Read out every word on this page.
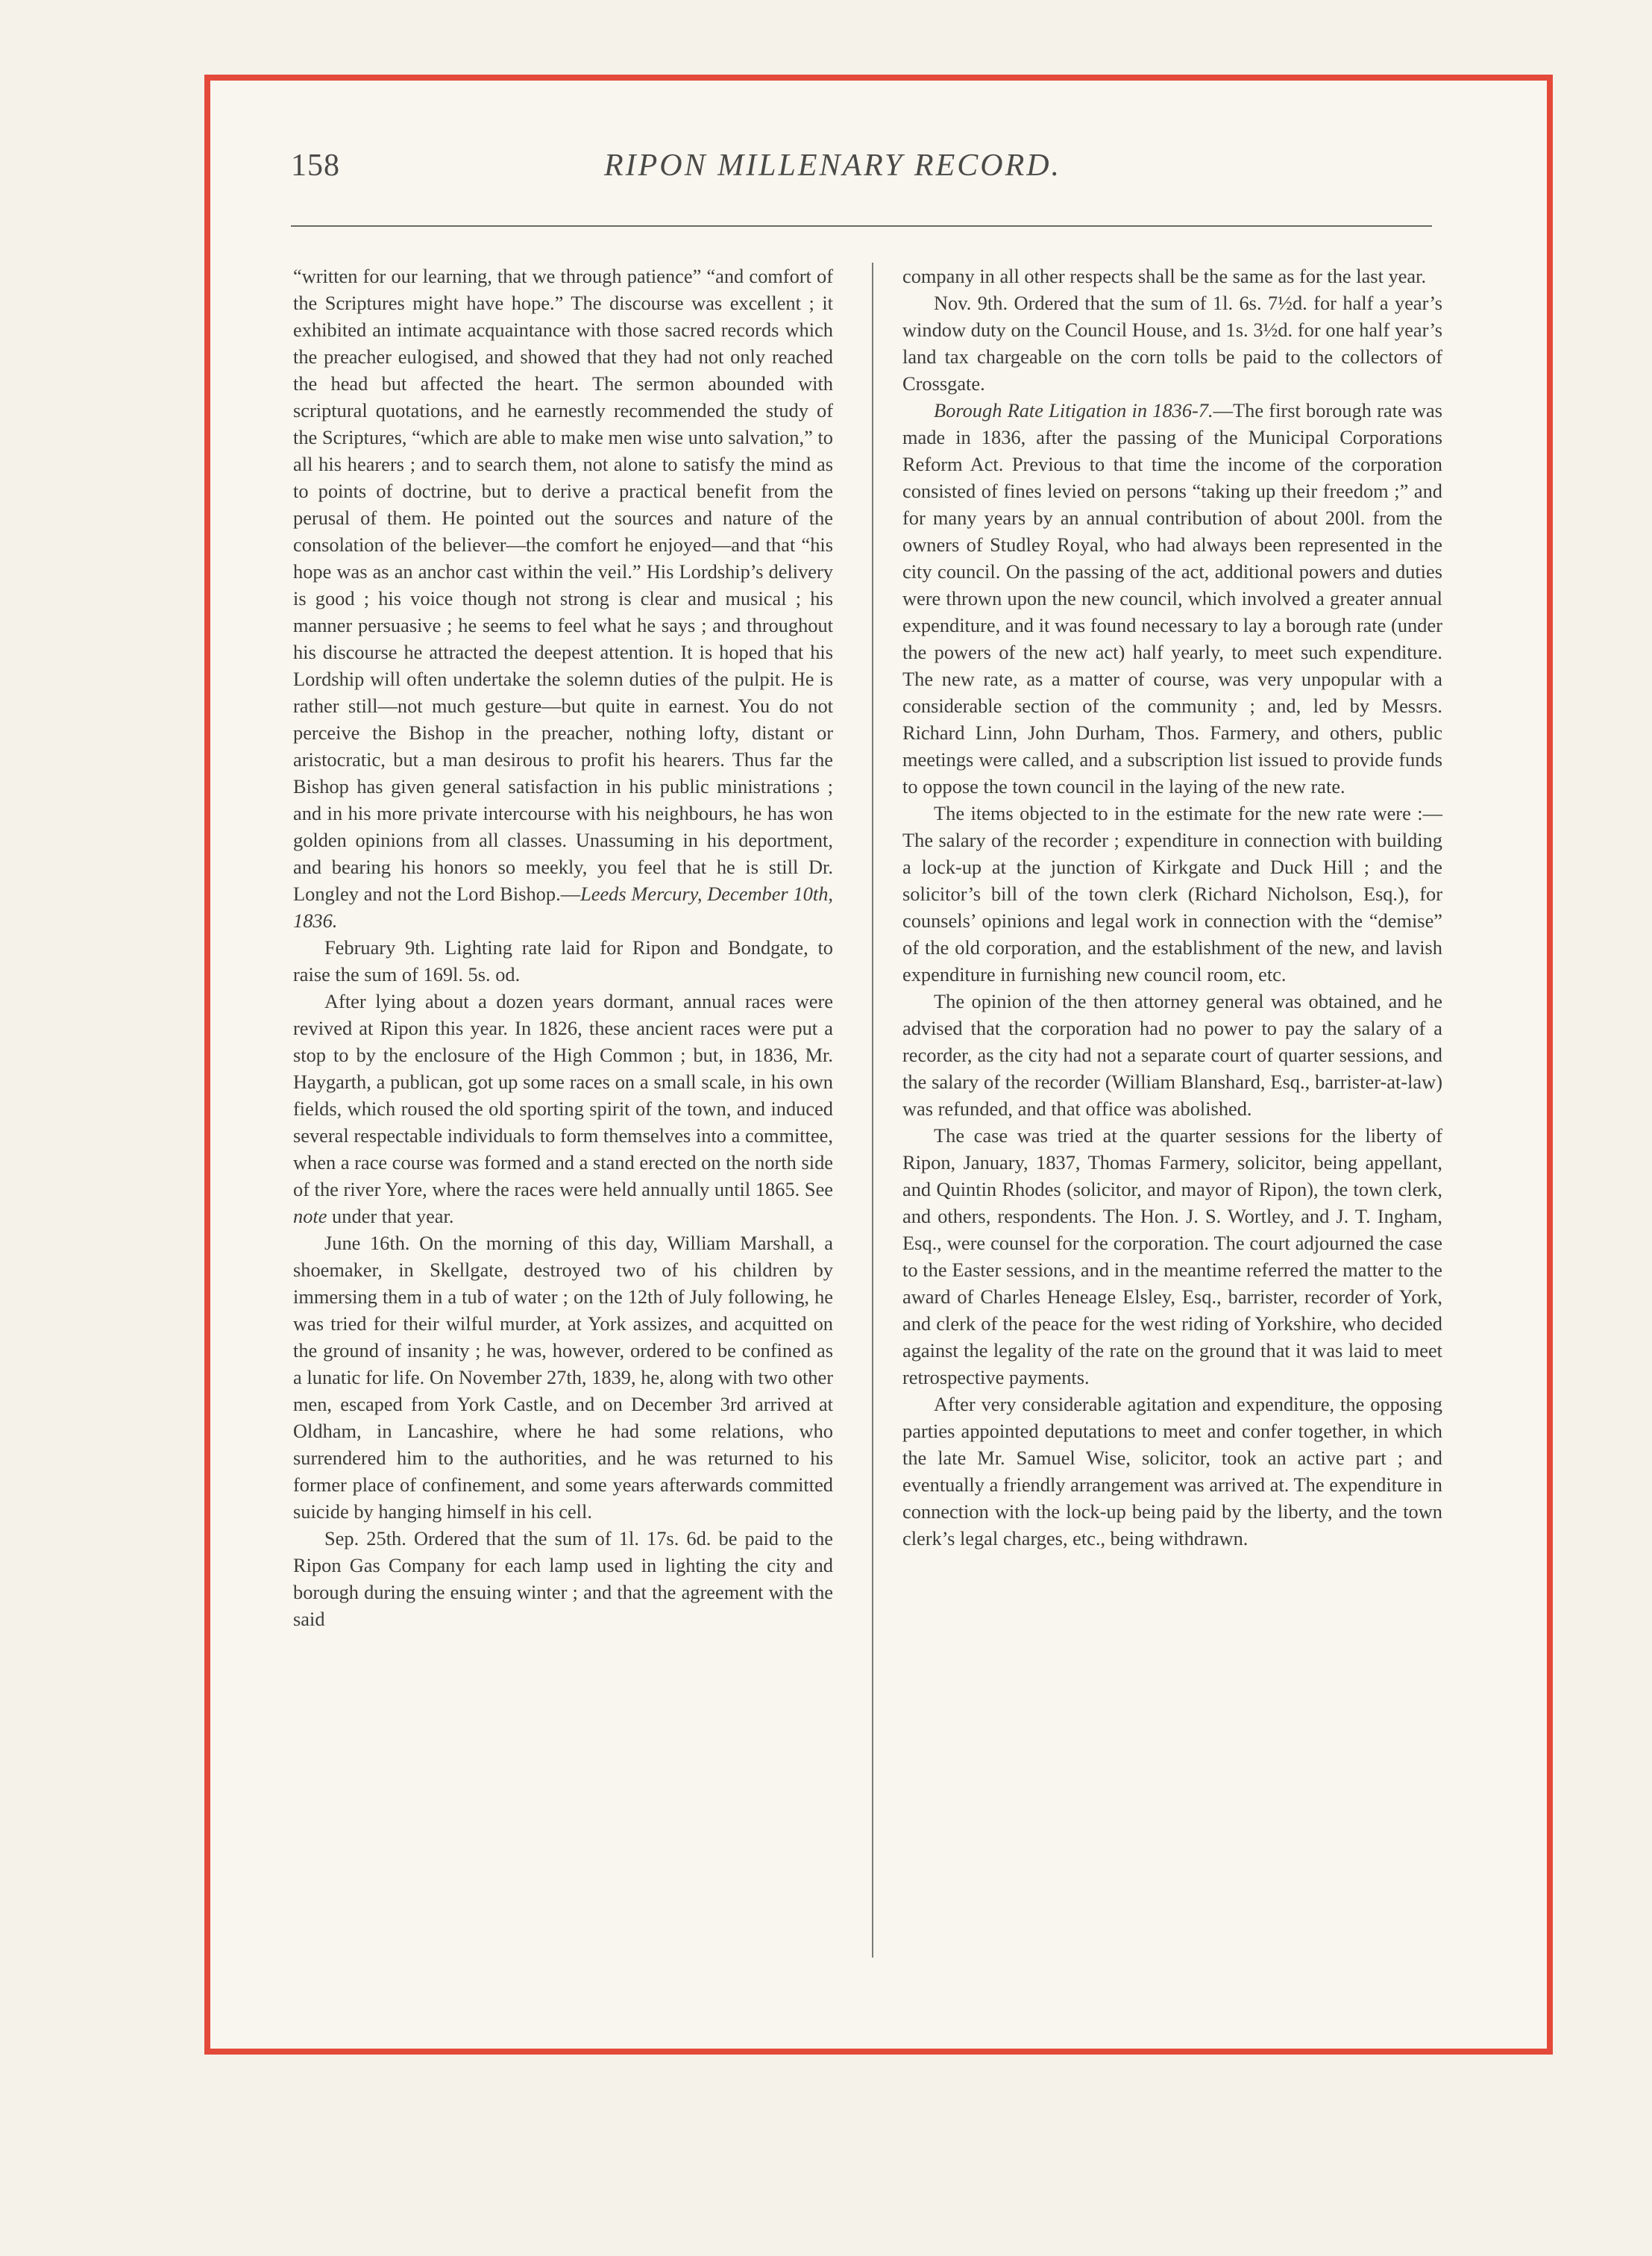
158	RIPON MILLENARY RECORD.

“written for our learning, that we through patience” “and comfort of the Scriptures might have hope.” The discourse was excellent ; it exhibited an intimate acquaintance with those sacred records which the preacher eulogised, and showed that they had not only reached the head but affected the heart. The sermon abounded with scriptural quotations, and he earnestly recommended the study of the Scriptures, “which are able to make men wise unto salvation,” to all his hearers ; and to search them, not alone to satisfy the mind as to points of doctrine, but to derive a practical benefit from the perusal of them. He pointed out the sources and nature of the consolation of the believer—the comfort he enjoyed—and that “his hope was as an anchor cast within the veil.” His Lordship’s delivery is good ; his voice though not strong is clear and musical ; his manner persuasive ; he seems to feel what he says ; and throughout his discourse he attracted the deepest attention. It is hoped that his Lordship will often undertake the solemn duties of the pulpit. He is rather still—not much gesture—but quite in earnest. You do not perceive the Bishop in the preacher, nothing lofty, distant or aristocratic, but a man desirous to profit his hearers. Thus far the Bishop has given general satisfaction in his public ministrations ; and in his more private intercourse with his neighbours, he has won golden opinions from all classes. Unassuming in his deportment, and bearing his honors so meekly, you feel that he is still Dr. Longley and not the Lord Bishop.—Leeds Mercury, December 10th, 1836.

February 9th. Lighting rate laid for Ripon and Bondgate, to raise the sum of 169l. 5s. od.

After lying about a dozen years dormant, annual races were revived at Ripon this year. In 1826, these ancient races were put a stop to by the enclosure of the High Common ; but, in 1836, Mr. Haygarth, a publican, got up some races on a small scale, in his own fields, which roused the old sporting spirit of the town, and induced several respectable individuals to form themselves into a committee, when a race course was formed and a stand erected on the north side of the river Yore, where the races were held annually until 1865. See note under that year.

June 16th. On the morning of this day, William Marshall, a shoemaker, in Skellgate, destroyed two of his children by immersing them in a tub of water ; on the 12th of July following, he was tried for their wilful murder, at York assizes, and acquitted on the ground of insanity ; he was, however, ordered to be confined as a lunatic for life. On November 27th, 1839, he, along with two other men, escaped from York Castle, and on December 3rd arrived at Oldham, in Lancashire, where he had some relations, who surrendered him to the authorities, and he was returned to his former place of confinement, and some years afterwards committed suicide by hanging himself in his cell.

Sep. 25th. Ordered that the sum of 1l. 17s. 6d. be paid to the Ripon Gas Company for each lamp used in lighting the city and borough during the ensuing winter ; and that the agreement with the said

company in all other respects shall be the same as for the last year.

Nov. 9th. Ordered that the sum of 1l. 6s. 7½d. for half a year’s window duty on the Council House, and 1s. 3½d. for one half year’s land tax chargeable on the corn tolls be paid to the collectors of Crossgate.

Borough Rate Litigation in 1836-7.—The first borough rate was made in 1836, after the passing of the Municipal Corporations Reform Act. Previous to that time the income of the corporation consisted of fines levied on persons “taking up their freedom ;” and for many years by an annual contribution of about 200l. from the owners of Studley Royal, who had always been represented in the city council. On the passing of the act, additional powers and duties were thrown upon the new council, which involved a greater annual expenditure, and it was found necessary to lay a borough rate (under the powers of the new act) half yearly, to meet such expenditure. The new rate, as a matter of course, was very unpopular with a considerable section of the community ; and, led by Messrs. Richard Linn, John Durham, Thos. Farmery, and others, public meetings were called, and a subscription list issued to provide funds to oppose the town council in the laying of the new rate.

The items objected to in the estimate for the new rate were :—The salary of the recorder ; expenditure in connection with building a lock-up at the junction of Kirkgate and Duck Hill ; and the solicitor’s bill of the town clerk (Richard Nicholson, Esq.), for counsels’ opinions and legal work in connection with the “demise” of the old corporation, and the establishment of the new, and lavish expenditure in furnishing new council room, etc.

The opinion of the then attorney general was obtained, and he advised that the corporation had no power to pay the salary of a recorder, as the city had not a separate court of quarter sessions, and the salary of the recorder (William Blanshard, Esq., barrister-at-law) was refunded, and that office was abolished.

The case was tried at the quarter sessions for the liberty of Ripon, January, 1837, Thomas Farmery, solicitor, being appellant, and Quintin Rhodes (solicitor, and mayor of Ripon), the town clerk, and others, respondents. The Hon. J. S. Wortley, and J. T. Ingham, Esq., were counsel for the corporation. The court adjourned the case to the Easter sessions, and in the meantime referred the matter to the award of Charles Heneage Elsley, Esq., barrister, recorder of York, and clerk of the peace for the west riding of Yorkshire, who decided against the legality of the rate on the ground that it was laid to meet retrospective payments.

After very considerable agitation and expenditure, the opposing parties appointed deputations to meet and confer together, in which the late Mr. Samuel Wise, solicitor, took an active part ; and eventually a friendly arrangement was arrived at. The expenditure in connection with the lock-up being paid by the liberty, and the town clerk’s legal charges, etc., being withdrawn.
